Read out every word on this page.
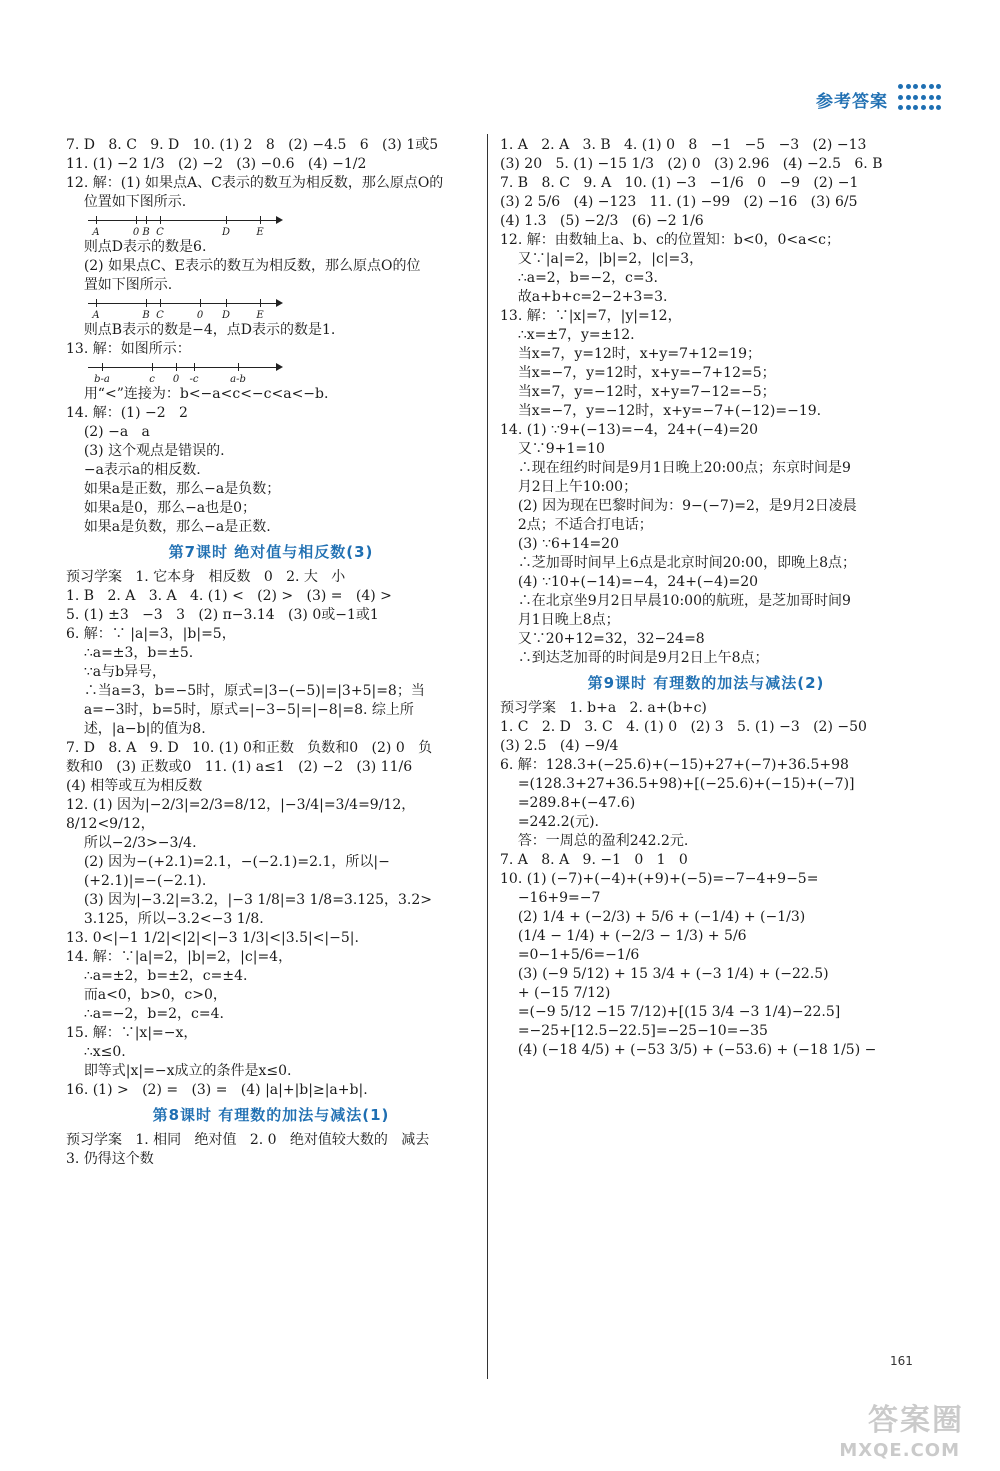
参考答案

7. D   8. C   9. D   10. (1) 2   8   (2) −4.5   6   (3) 1或5

11. (1) −2 1/3   (2) −2   (3) −0.6   (4) −1/2

12. 解：(1) 如果点A、C表示的数互为相反数，那么原点O的

位置如下图所示.

A	0 B C	D	E

则点D表示的数是6.

(2) 如果点C、E表示的数互为相反数，那么原点O的位

置如下图所示.

A	B C	0 D	E

则点B表示的数是−4，点D表示的数是1.

13. 解：如图所示：

b-a	c 0 -c	a-b

用“<”连接为：b<−a<c<−c<a<−b.

14. 解：(1) −2   2

(2) −a   a

(3) 这个观点是错误的.

−a表示a的相反数.

如果a是正数，那么−a是负数；

如果a是0，那么−a也是0；

如果a是负数，那么−a是正数.

第7课时 绝对值与相反数(3)

预习学案   1. 它本身   相反数   0   2. 大   小

1. B   2. A   3. A   4. (1) <   (2) >   (3) =   (4) >

5. (1) ±3   −3   3   (2) π−3.14   (3) 0或−1或1

6. 解：∵ |a|=3，|b|=5，

∴a=±3，b=±5.

∵a与b异号，

∴当a=3，b=−5时，原式=|3−(−5)|=|3+5|=8；当

a=−3时，b=5时，原式=|−3−5|=|−8|=8. 综上所

述，|a−b|的值为8.

7. D   8. A   9. D   10. (1) 0和正数   负数和0   (2) 0   负

数和0   (3) 正数或0   11. (1) a≤1   (2) −2   (3) 11/6

(4) 相等或互为相反数

12. (1) 因为|−2/3|=2/3=8/12，|−3/4|=3/4=9/12，8/12<9/12，

所以−2/3>−3/4.

(2) 因为−(+2.1)=2.1，−(−2.1)=2.1，所以|−

(+2.1)|=−(−2.1).

(3) 因为|−3.2|=3.2，|−3 1/8|=3 1/8=3.125，3.2>

3.125，所以−3.2<−3 1/8.

13. 0<|−1 1/2|<|2|<|−3 1/3|<|3.5|<|−5|.

14. 解：∵|a|=2，|b|=2，|c|=4，

∴a=±2，b=±2，c=±4.

而a<0，b>0，c>0，

∴a=−2，b=2，c=4.

15. 解：∵|x|=−x，

∴x≤0.

即等式|x|=−x成立的条件是x≤0.

16. (1) >   (2) =   (3) =   (4) |a|+|b|≥|a+b|.

第8课时 有理数的加法与减法(1)

预习学案   1. 相同   绝对值   2. 0   绝对值较大数的   减去

3. 仍得这个数

1. A   2. A   3. B   4. (1) 0   8   −1   −5   −3   (2) −13

(3) 20   5. (1) −15 1/3   (2) 0   (3) 2.96   (4) −2.5   6. B

7. B   8. C   9. A   10. (1) −3   −1/6   0   −9   (2) −1

(3) 2 5/6   (4) −123   11. (1) −99   (2) −16   (3) 6/5

(4) 1.3   (5) −2/3   (6) −2 1/6

12. 解：由数轴上a、b、c的位置知：b<0，0<a<c；

又∵|a|=2，|b|=2，|c|=3，

∴a=2，b=−2，c=3.

故a+b+c=2−2+3=3.

13. 解：∵|x|=7，|y|=12，

∴x=±7，y=±12.

当x=7，y=12时，x+y=7+12=19；

当x=−7，y=12时，x+y=−7+12=5；

当x=7，y=−12时，x+y=7−12=−5；

当x=−7，y=−12时，x+y=−7+(−12)=−19.

14. (1) ∵9+(−13)=−4，24+(−4)=20

又∵9+1=10

∴现在纽约时间是9月1日晚上20:00点；东京时间是9

月2日上午10:00；

(2) 因为现在巴黎时间为：9−(−7)=2，是9月2日凌晨

2点；不适合打电话；

(3) ∵6+14=20

∴芝加哥时间早上6点是北京时间20:00，即晚上8点；

(4) ∵10+(−14)=−4，24+(−4)=20

∴在北京坐9月2日早晨10:00的航班，是芝加哥时间9

月1日晚上8点；

又∵20+12=32，32−24=8

∴到达芝加哥的时间是9月2日上午8点；

第9课时 有理数的加法与减法(2)

预习学案   1. b+a   2. a+(b+c)

1. C   2. D   3. C   4. (1) 0   (2) 3   5. (1) −3   (2) −50

(3) 2.5   (4) −9/4

6. 解：128.3+(−25.6)+(−15)+27+(−7)+36.5+98

=(128.3+27+36.5+98)+[(−25.6)+(−15)+(−7)]

=289.8+(−47.6)

=242.2(元).

答：一周总的盈利242.2元.

7. A   8. A   9. −1   0   1   0

10. (1) (−7)+(−4)+(+9)+(−5)=−7−4+9−5=

−16+9=−7

(2) 1/4 + (−2/3) + 5/6 + (−1/4) + (−1/3)

(1/4 − 1/4) + (−2/3 − 1/3) + 5/6

=0−1+5/6=−1/6

(3) (−9 5/12) + 15 3/4 + (−3 1/4) + (−22.5)

+ (−15 7/12)

=(−9 5/12 −15 7/12)+[(15 3/4 −3 1/4)−22.5]

=−25+[12.5−22.5]=−25−10=−35

(4) (−18 4/5) + (−53 3/5) + (−53.6) + (−18 1/5) −

161
答案圈
MXQE.COM
